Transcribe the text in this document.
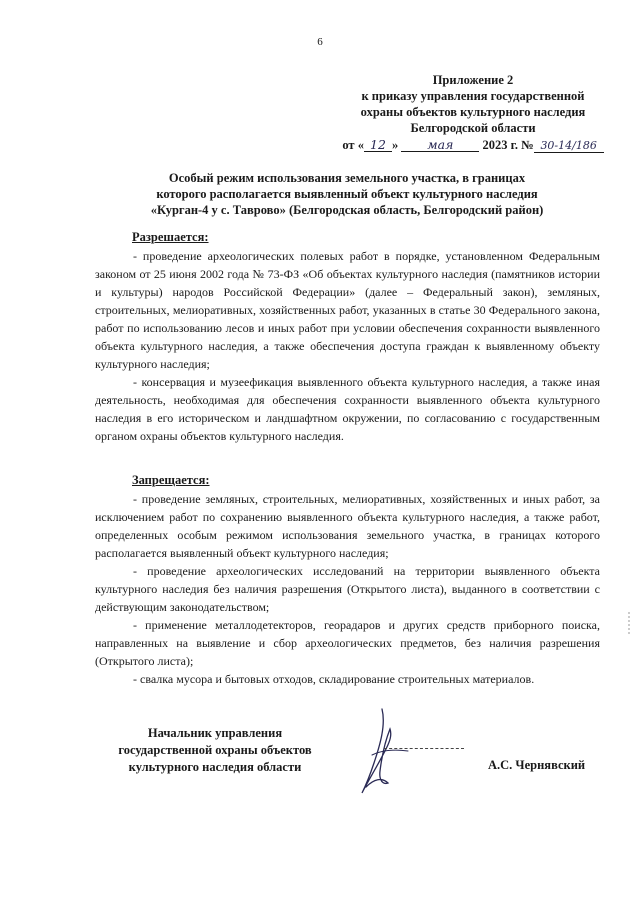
6
Приложение 2
к приказу управления государственной
охраны объектов культурного наследия
Белгородской области
от « 12 » мая 2023 г. № 30-14/186
Особый режим использования земельного участка, в границах
которого располагается выявленный объект культурного наследия
«Курган-4 у с. Таврово» (Белгородская область, Белгородский район)
Разрешается:

- проведение археологических полевых работ в порядке, установленном Федеральным законом от 25 июня 2002 года № 73-ФЗ «Об объектах культурного наследия (памятников истории и культуры) народов Российской Федерации» (далее – Федеральный закон), земляных, строительных, мелиоративных, хозяйственных работ, указанных в статье 30 Федерального закона, работ по использованию лесов и иных работ при условии обеспечения сохранности выявленного объекта культурного наследия, а также обеспечения доступа граждан к выявленному объекту культурного наследия;

- консервация и музеефикация выявленного объекта культурного наследия, а также иная деятельность, необходимая для обеспечения сохранности выявленного объекта культурного наследия в его историческом и ландшафтном окружении, по согласованию с государственным органом охраны объектов культурного наследия.

Запрещается:

- проведение земляных, строительных, мелиоративных, хозяйственных и иных работ, за исключением работ по сохранению выявленного объекта культурного наследия, а также работ, определенных особым режимом использования земельного участка, в границах которого располагается выявленный объект культурного наследия;

- проведение археологических исследований на территории выявленного объекта культурного наследия без наличия разрешения (Открытого листа), выданного в соответствии с действующим законодательством;

- применение металлодетекторов, георадаров и других средств приборного поиска, направленных на выявление и сбор археологических предметов, без наличия разрешения (Открытого листа);

- свалка мусора и бытовых отходов, складирование строительных материалов.

Начальник управления
государственной охраны объектов
культурного наследия области	А.С. Чернявский
